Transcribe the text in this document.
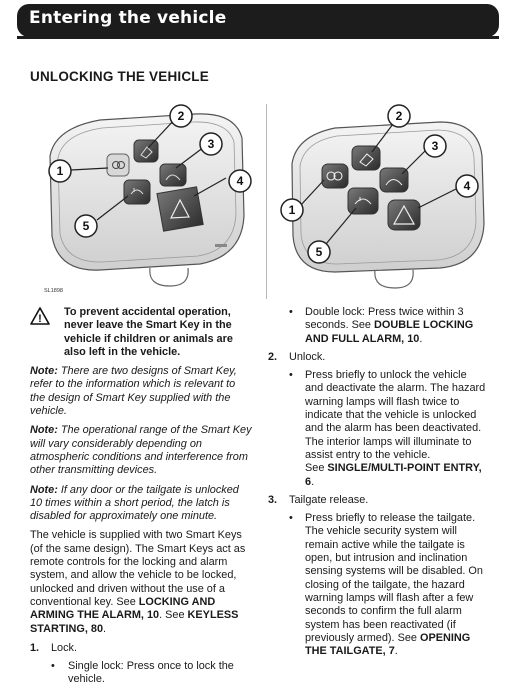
Entering the vehicle
UNLOCKING THE VEHICLE
1
2
3
4
5
1
2
3
4
5
SL1898
!
To prevent accidental operation, never leave the Smart Key in the vehicle if children or animals are also left in the vehicle.
Note: There are two designs of Smart Key, refer to the information which is relevant to the design of Smart Key supplied with the vehicle.
Note: The operational range of the Smart Key will vary considerably depending on atmospheric conditions and interference from other transmitting devices.
Note: If any door or the tailgate is unlocked 10 times within a short period, the latch is disabled for approximately one minute.
The vehicle is supplied with two Smart Keys (of the same design). The Smart Keys act as remote controls for the locking and alarm system, and allow the vehicle to be locked, unlocked and driven without the use of a conventional key. See LOCKING AND ARMING THE ALARM, 10. See KEYLESS STARTING, 80.
1. Lock.
• Single lock: Press once to lock the vehicle.
• Double lock: Press twice within 3 seconds. See DOUBLE LOCKING AND FULL ALARM, 10.
2. Unlock.
• Press briefly to unlock the vehicle and deactivate the alarm. The hazard warning lamps will flash twice to indicate that the vehicle is unlocked and the alarm has been deactivated. The interior lamps will illuminate to assist entry to the vehicle.
See SINGLE/MULTI-POINT ENTRY, 6.
3. Tailgate release.
• Press briefly to release the tailgate. The vehicle security system will remain active while the tailgate is open, but intrusion and inclination sensing systems will be disabled. On closing of the tailgate, the hazard warning lamps will flash after a few seconds to confirm the full alarm system has been reactivated (if previously armed). See OPENING THE TAILGATE, 7.
